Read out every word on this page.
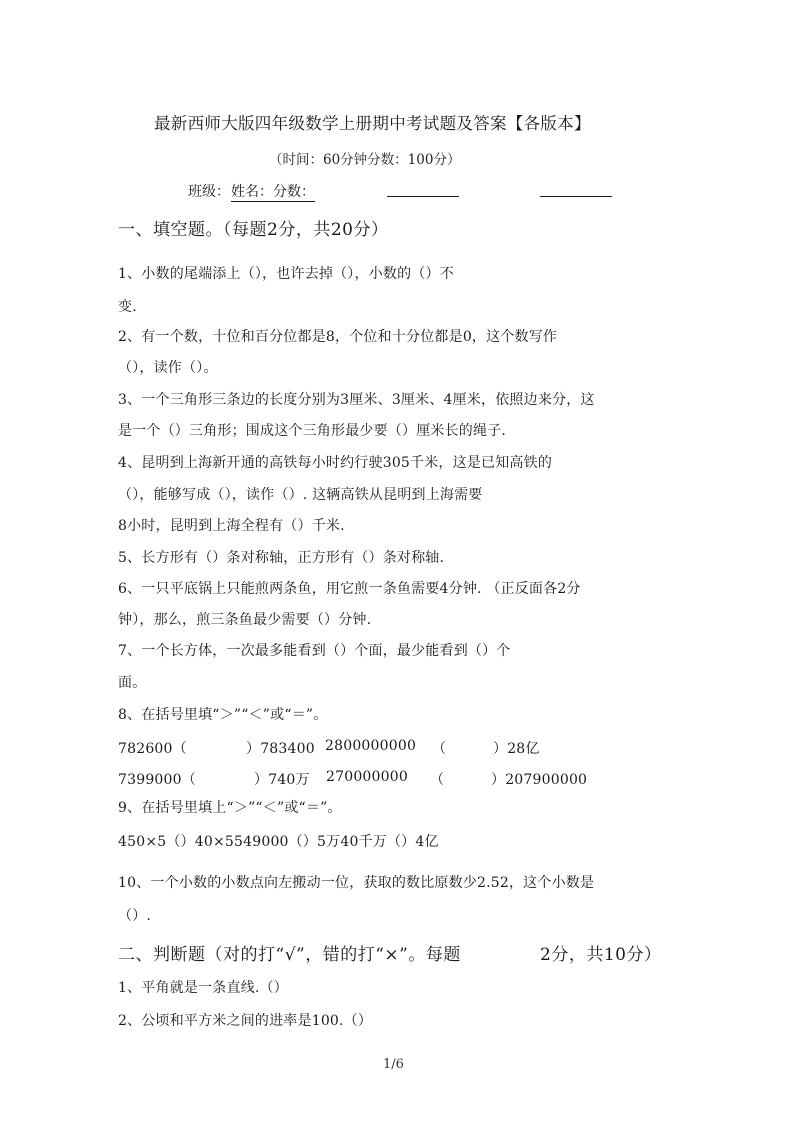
最新西师大版四年级数学上册期中考试题及答案【各版本】
（时间：60分钟分数：100分）
班级： 姓名：分数：
一、填空题。（每题2分，共20分）
1、小数的尾端添上（），也许去掉（），小数的（）不
变.
2、有一个数，十位和百分位都是8，个位和十分位都是0，这个数写作
（），读作（）。
3、一个三角形三条边的长度分别为3厘米、3厘米、4厘米，依照边来分，这
是一个（）三角形；围成这个三角形最少要（）厘米长的绳子.
4、昆明到上海新开通的高铁每小时约行驶305千米，这是已知高铁的
（），能够写成（），读作（）. 这辆高铁从昆明到上海需要
8小时，昆明到上海全程有（）千米.
5、长方形有（）条对称轴，正方形有（）条对称轴.
6、一只平底锅上只能煎两条鱼，用它煎一条鱼需要4分钟. （正反面各2分
钟），那么，煎三条鱼最少需要（）分钟.
7、一个长方体，一次最多能看到（）个面，最少能看到（）个
面。
8、在括号里填“＞”“＜”或“＝”。
782600（	）783400 2800000000 （	）28亿
7399000（	）740万 270000000 （	）207900000
9、在括号里填上“＞”“＜”或“＝”。
450×5（）40×5549000（）5万40千万（）4亿
10、一个小数的小数点向左搬动一位，获取的数比原数少2.52，这个小数是
（）.
二、判断题（对的打“√”，错的打“×”。每题	2分，共10分）
1、平角就是一条直线.（）
2、公顷和平方米之间的进率是100.（）
1/6
